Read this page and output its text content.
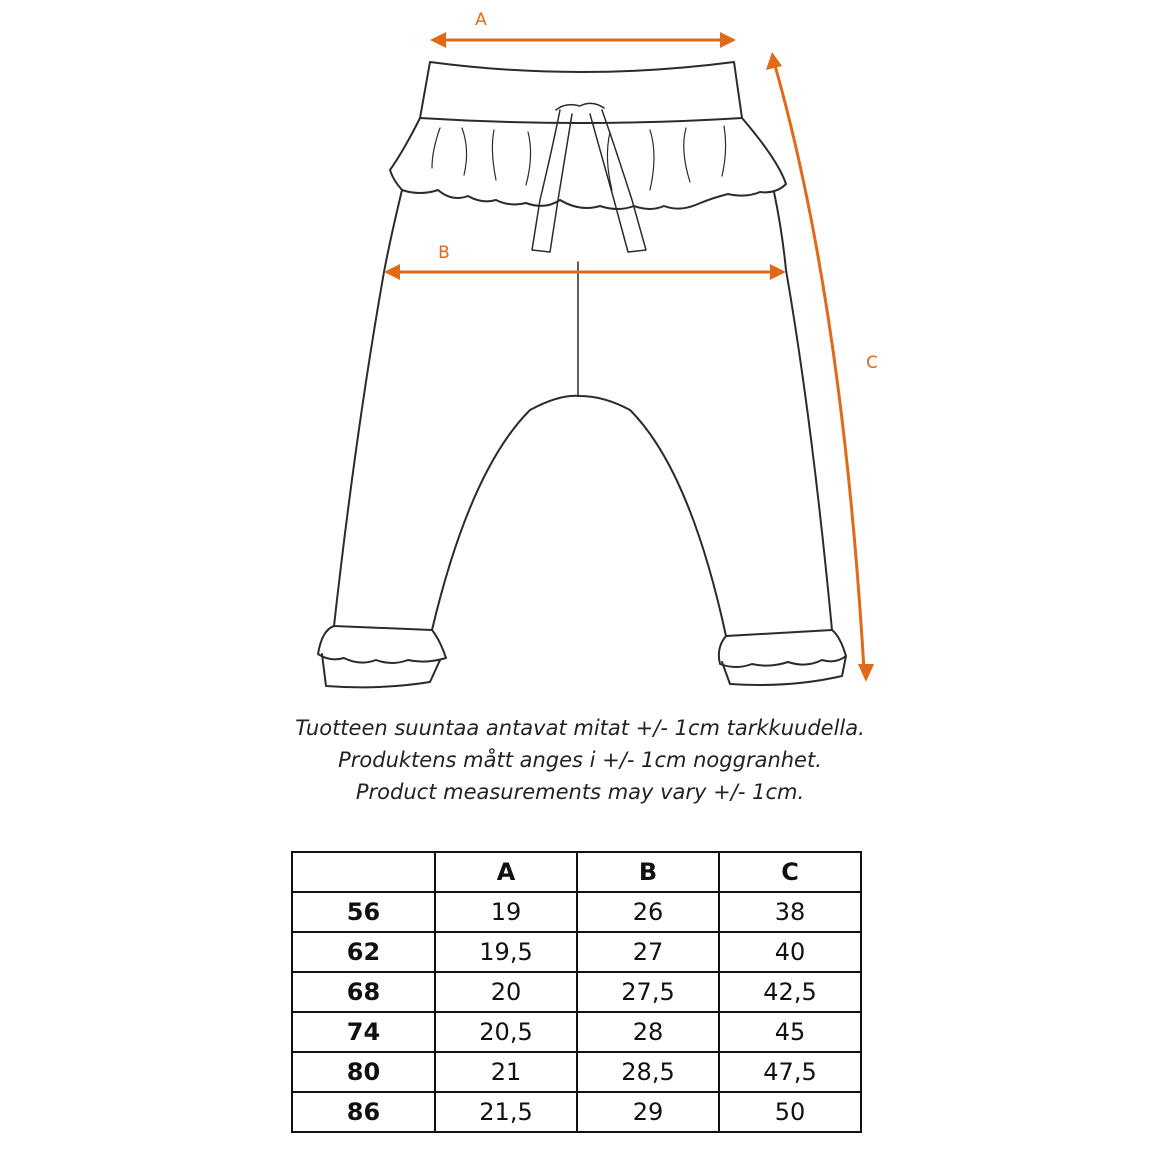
A
B
C
Tuotteen suuntaa antavat mitat +/- 1cm tarkkuudella.
Produktens mått anges i +/- 1cm noggranhet.
Product measurements may vary +/- 1cm.
	A	B	C
56	19	26	38
62	19,5	27	40
68	20	27,5	42,5
74	20,5	28	45
80	21	28,5	47,5
86	21,5	29	50
